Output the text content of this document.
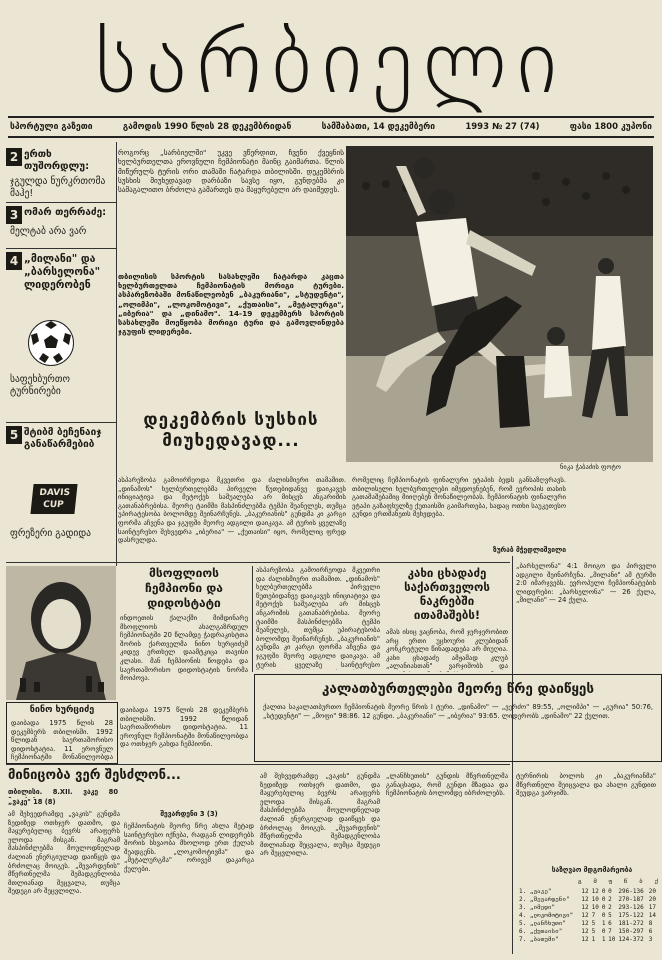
სარბიელი
სპორტული გაზეთი	გამოდის 1990 წლის 28 დეკემბრიდან	სამშაბათი, 14 დეკემბერი	1993 № 27 (74)	ფასი 1800 კუპონი
2 ერთხ თუშორდლუ:
ჯგულდა ნურკრთომა მაჰე!
3 ომარ თერრაძე:
მელტაბ არა ვარ
4 „მილანი" და „ბარსელონა" ლიდერობენ
საფეხბურთო ტურნირები
5 შტიბმ ბეჩენაიჯ განაწარმებიბ
DAVIS CUP
ფრეზერი გადიდა
როგორც „სარბიელში" უკვე ვწერდით, ჩვენი ქვეყნის ხელბურთელთა ეროვნული ჩემპიონატი მაინც გაიმართა. წლის მიწურულს ტურის ორი თამაში ჩატარდა თბილისში. დეკემბრის სუსხის მიუხედავად დარბაზი სავსე იყო, გუნდებმა კი სამაგალითო ბრძოლა გამართეს და მაყურებელი არ დაიმედეს.
თბილისის სპორტის სასახლეში ჩატარდა კაცთა ხელბურთელთა ჩემპიონატის მორიგი ტურები. ასპარეზობაში მონაწილეობენ „ბაკურიანი", „სტუდენტი", „ოლიმპი", „ლოკომოტივი", „ქუთაისი", „მეტალურგი", „იბერია" და „დინამო". 14-19 დეკემბერს სპორტის სასახლეში მოეწყობა მორიგი ტური და გამოვლინდება ჯგუფის ლიდერები.
დეკემბრის სუსხის მიუხედავად...
ნიკა ჭაბაძის ფოტო
ასპარეზობა გამოირჩეოდა მკვეთრი და ძალისმიერი თამაშით. „დინამოს" ხელბურთელებმა პირველი წუთებიდანვე დაიკავეს ინიციატივა და მეტოქეს საშუალება არ მისცეს ანგარიშის გათანაბრებისა. მეორე ტაიმში მასპინძლებმა ტემპი შეანელეს, თუმცა უპირატესობა ბოლომდე შეინარჩუნეს. „ბაკურიანის" გუნდმა კი კარგი ფორმა აჩვენა და ჯგუფში მეორე ადგილი დაიკავა. ამ ტურის ყველაზე საინტერესო შეხვედრა „იბერია" — „ქუთაისი" იყო, რომელიც ფრედ დასრულდა.
რომელიც ჩემპიონატის ფინალური ეტაპის ბედს განსაზღვრავს. თბილისელი ხელბურთელები იმედოვნებენ, რომ ევროპის თასის გათამაშებაშიც მიიღებენ მონაწილეობას. ჩემპიონატის ფინალური ეტაპი გაზაფხულზე ქუთაისში გაიმართება, სადაც ოთხი საუკეთესო გუნდი ერთმანეთს შეხვდება.
ზურაბ მჭედლიშვილი
მსოფლიოს ჩემპიონი და დიდოსტატი
ინდოეთის ქალაქში მიმდინარე მსოფლიოს ახალგაზრდულ ჩემპიონატში 20 წლამდე ჭადრაკისტთა შორის ქართველმა ნინო ხურციძემ კიდევ ერთხელ დაამტკიცა თავისი კლასი. მან ჩემპიონის წოდება და საერთაშორისო დიდოსტატის ნორმა მოიპოვა.
ნინო ხურციძე
დაიბადა 1975 წლის 28 დეკემბერს თბილისში. 1992 წლიდან საერთაშორისო დიდოსტატია. 11 ეროვნულ ჩემპიონატში მონაწილეობდა
დაიბადა 1975 წლის 28 დეკემბერს თბილისში. 1992 წლიდან საერთაშორისო დიდოსტატია. 11 ეროვნულ ჩემპიონატში მონაწილეობდა და ოთხჯერ გახდა ჩემპიონი.
ასპარეზობა გამოირჩეოდა მკვეთრი და ძალისმიერი თამაშით. „დინამოს" ხელბურთელებმა პირველი წუთებიდანვე დაიკავეს ინიციატივა და მეტოქეს საშუალება არ მისცეს ანგარიშის გათანაბრებისა. მეორე ტაიმში მასპინძლებმა ტემპი შეანელეს, თუმცა უპირატესობა ბოლომდე შეინარჩუნეს. „ბაკურიანის" გუნდმა კი კარგი ფორმა აჩვენა და ჯგუფში მეორე ადგილი დაიკავა. ამ ტურის ყველაზე საინტერესო
კახი ცხადაძე საქართველოს ნაკრებში ითამაშებს!
ამას ისიც ვაცნობა, რომ ჯერჯერობით არც ერთი უცხოური კლუბიდან კონკრეტული წინადადება არ მიუღია. კახი ცხადაძე ამჟამად კლუბ „ალანიასთან" ვარჯიშობს და
„ბარსელონა" 4:1 მოიგო და პირველი ადგილი შეინარჩუნა. „მილანი" ამ ტურში 2:0 იმარჯვებს. ევროპული ჩემპიონატების ლიდერები: „ბარსელონა" — 26 ქულა, „მილანი" — 24 ქულა.
კალათბურთელები მეორე წრე დაიწყეს
ქალთა საკალათბურთო ჩემპიონატის მეორე წრის I ტური. „დინამო" — „ვერძო" 89:55, „ოლიმპი" — „გურია" 50:76, „სტუდენტი" — „მოფი" 98:86. 12 გუნდი. „ბაკურიანი" — „იბერია" 93:65. ლიდერობს „დინამო" 22 ქულით.
მინიცობა ვერ შესძლონ...
თბილისი. 8.XII. ვაკე 80
„ვაკე" 18 (8)
შევარდენი 3 (3)
ამ შეხვედრამდე „ვაკის" გუნდმა ზედიზედ ოთხჯერ დათმო, და მაყურებელიც ბევრს არაფერს ელოდა მისგან. მაგრამ მასპინძლებმა მოულოდნელად ძალიან ენერგიულად დაიწყეს და ბრძოლაც მოიგეს. „შევარდენის" მწვრთნელმა შემადგენლობა მთლიანად შეცვალა, თუმცა შედეგი არ შეცვლილა.
ჩემპიონატის მეორე წრე ახლა მეტად საინტერესო იქნება, რადგან ლიდერებს შორის სხვაობა მხოლოდ ერთ ქულას შეადგენს. „ლოკომოტივმა" და „მეტალურგმა" ორივემ დაკარგა ქულები.
ამ შეხვედრამდე „ვაკის" გუნდმა ზედიზედ ოთხჯერ დათმო, და მაყურებელიც ბევრს არაფერს ელოდა მისგან. მაგრამ მასპინძლებმა მოულოდნელად ძალიან ენერგიულად დაიწყეს და ბრძოლაც მოიგეს. „შევარდენის" მწვრთნელმა შემადგენლობა მთლიანად შეცვალა, თუმცა შედეგი არ შეცვლილა.
„ლანჩხუთის" გუნდის მწვრთნელმა განაცხადა, რომ გუნდი მზადაა და ჩემპიონატის ბოლომდე იბრძოლებს.
ტურნირის ბოლოს კი „ბაკურიანმა" მწვრთნელი შეიცვალა და ახალი გუნდით შეუდგა ვარჯიშს.
საზღვაო მდგომარეობა
გ მ ფ წ ბ ქ
1. „ვაკე"	12	12	0	0	296-136	20
2. „შევარდენი"	12	10	0	2	270-187	20
3. „იმედი"	12	10	0	2	293-126	17
4. „ლოკომოტივი"	12	7	0	5	175-122	14
5. „ლანჩხუთი"	12	5	1	6	181-272	8
6. „ქუთაისი"	12	5	0	7	150-297	6
7. „ბათუმი"	12	1	1	10	124-372	3
